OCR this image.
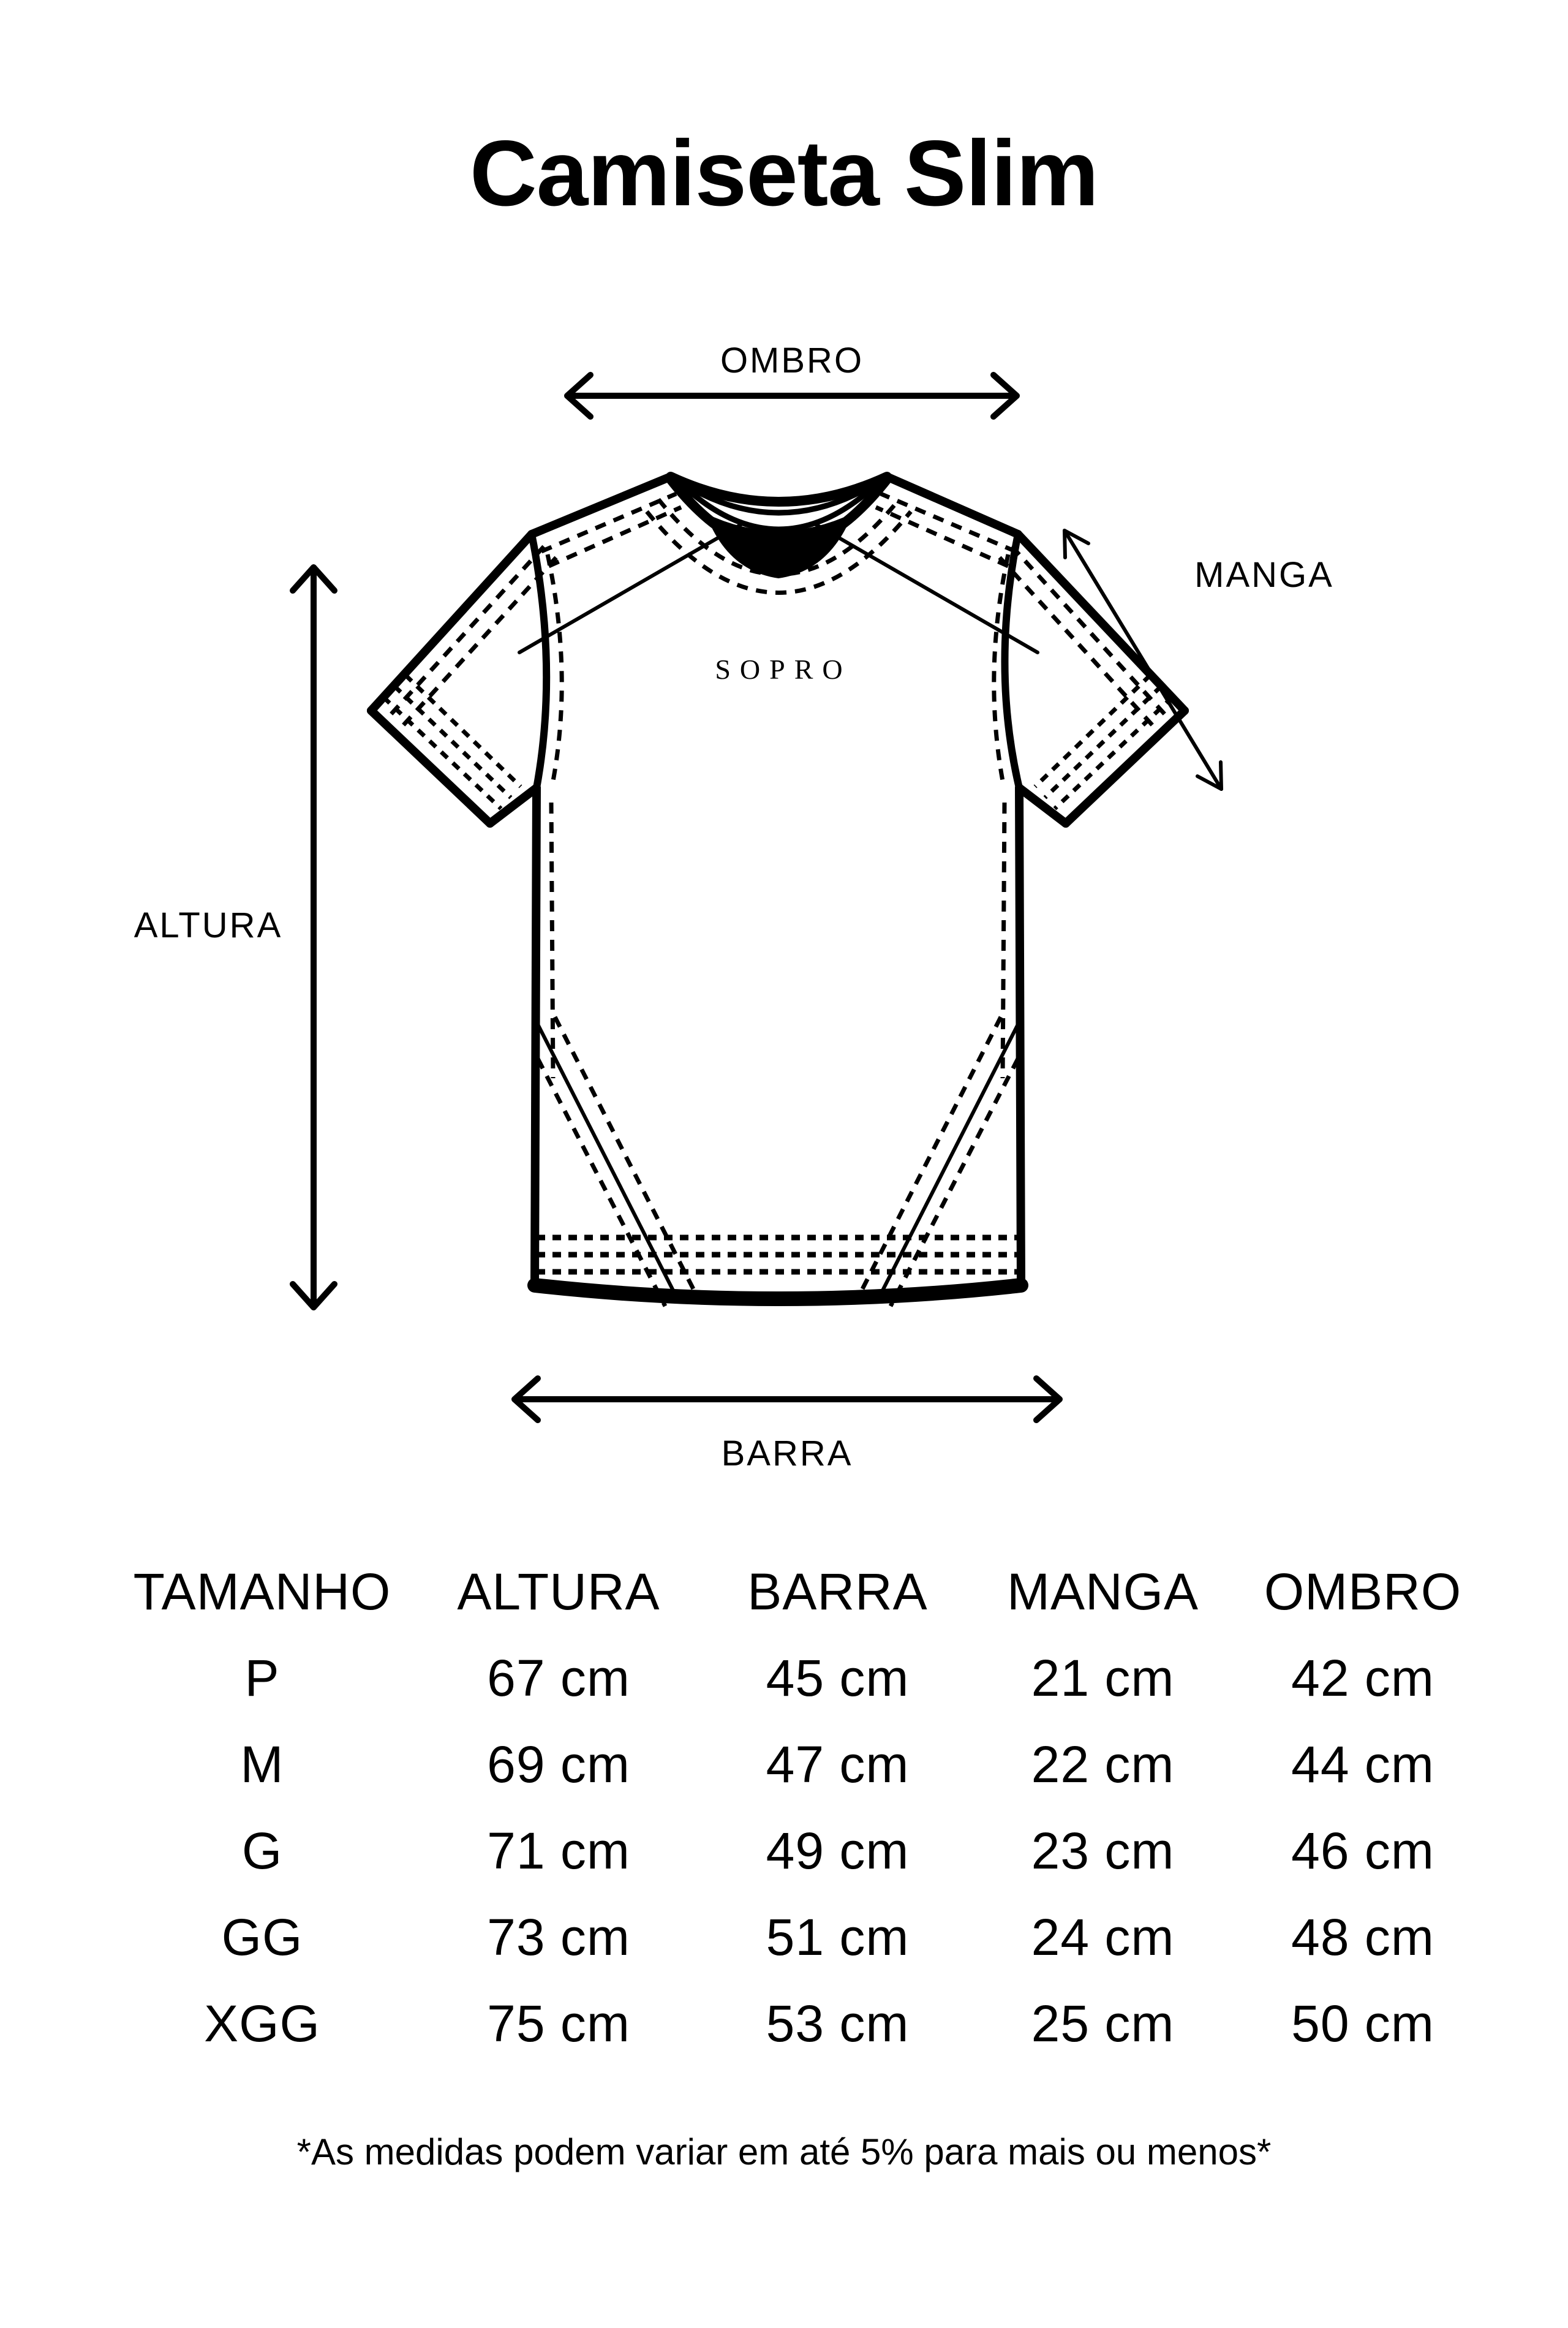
Camiseta Slim
OMBRO
MANGA
ALTURA
BARRA
SOPRO
TAMANHO	ALTURA	BARRA	MANGA	OMBRO
P	67 cm	45 cm	21 cm	42 cm
M	69 cm	47 cm	22 cm	44 cm
G	71 cm	49 cm	23 cm	46 cm
GG	73 cm	51 cm	24 cm	48 cm
XGG	75 cm	53 cm	25 cm	50 cm
*As medidas podem variar em até 5% para mais ou menos*
